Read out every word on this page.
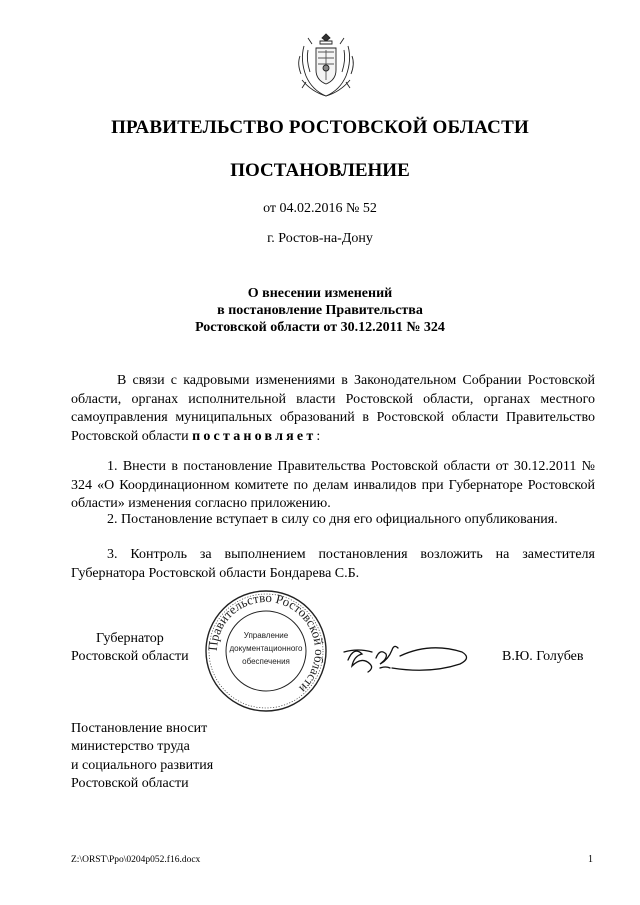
ПРАВИТЕЛЬСТВО РОСТОВСКОЙ ОБЛАСТИ
ПОСТАНОВЛЕНИЕ
от 04.02.2016 № 52
г. Ростов-на-Дону
О внесении изменений
в постановление Правительства
Ростовской области от 30.12.2011 № 324
В связи с кадровыми изменениями в Законодательном Собрании Ростовской области, органах исполнительной власти Ростовской области, органах местного самоуправления муниципальных образований в Ростовской области Правительство Ростовской области постановляет:
1. Внести в постановление Правительства Ростовской области от 30.12.2011 № 324 «О Координационном комитете по делам инвалидов при Губернаторе Ростовской области» изменения согласно приложению.
2. Постановление вступает в силу со дня его официального опубликования.
3. Контроль за выполнением постановления возложить на заместителя Губернатора Ростовской области Бондарева С.Б.
Губернатор
Ростовской области
Правительство Ростовской области
Управление
документационного
обеспечения	В.Ю. Голубев
Постановление вносит
министерство труда
и социального развития
Ростовской области
Z:\ORST\Ppo\0204p052.f16.docx	1
